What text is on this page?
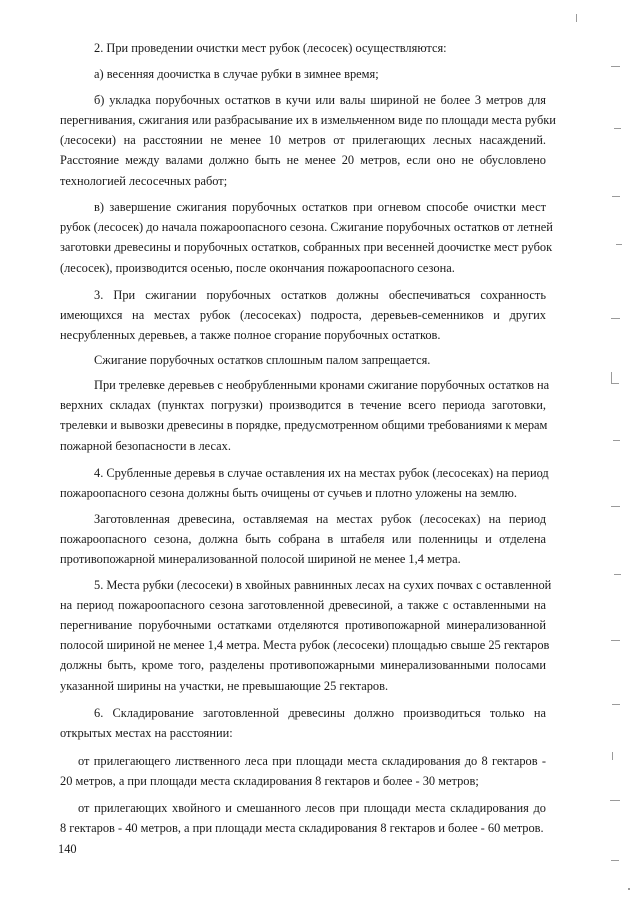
2. При проведении очистки мест рубок (лесосек) осуществляются:
а) весенняя доочистка в случае рубки в зимнее время;
б) укладка порубочных остатков в кучи или валы шириной не более 3 метров для
перегнивания, сжигания или разбрасывание их в измельченном виде по площади места рубки
(лесосеки) на расстоянии не менее 10 метров от прилегающих лесных насаждений.
Расстояние между валами должно быть не менее 20 метров, если оно не обусловлено
технологией лесосечных работ;
в) завершение сжигания порубочных остатков при огневом способе очистки мест
рубок (лесосек) до начала пожароопасного сезона. Сжигание порубочных остатков от летней
заготовки древесины и порубочных остатков, собранных при весенней доочистке мест рубок
(лесосек), производится осенью, после окончания пожароопасного сезона.
3. При сжигании порубочных остатков должны обеспечиваться сохранность
имеющихся на местах рубок (лесосеках) подроста, деревьев-семенников и других
несрубленных деревьев, а также полное сгорание порубочных остатков.
Сжигание порубочных остатков сплошным палом запрещается.
При трелевке деревьев с необрубленными кронами сжигание порубочных остатков на
верхних складах (пунктах погрузки) производится в течение всего периода заготовки,
трелевки и вывозки древесины в порядке, предусмотренном общими требованиями к мерам
пожарной безопасности в лесах.
4. Срубленные деревья в случае оставления их на местах рубок (лесосеках) на период
пожароопасного сезона должны быть очищены от сучьев и плотно уложены на землю.
Заготовленная древесина, оставляемая на местах рубок (лесосеках) на период
пожароопасного сезона, должна быть собрана в штабеля или поленницы и отделена
противопожарной минерализованной полосой шириной не менее 1,4 метра.
5. Места рубки (лесосеки) в хвойных равнинных лесах на сухих почвах с оставленной
на период пожароопасного сезона заготовленной древесиной, а также с оставленными на
перегнивание порубочными остатками отделяются противопожарной минерализованной
полосой шириной не менее 1,4 метра. Места рубок (лесосеки) площадью свыше 25 гектаров
должны быть, кроме того, разделены противопожарными минерализованными полосами
указанной ширины на участки, не превышающие 25 гектаров.
6. Складирование заготовленной древесины должно производиться только на
открытых местах на расстоянии:
от прилегающего лиственного леса при площади места складирования до 8 гектаров -
20 метров, а при площади места складирования 8 гектаров и более - 30 метров;
от прилегающих хвойного и смешанного лесов при площади места складирования до
8 гектаров - 40 метров, а при площади места складирования 8 гектаров и более - 60 метров.
140
